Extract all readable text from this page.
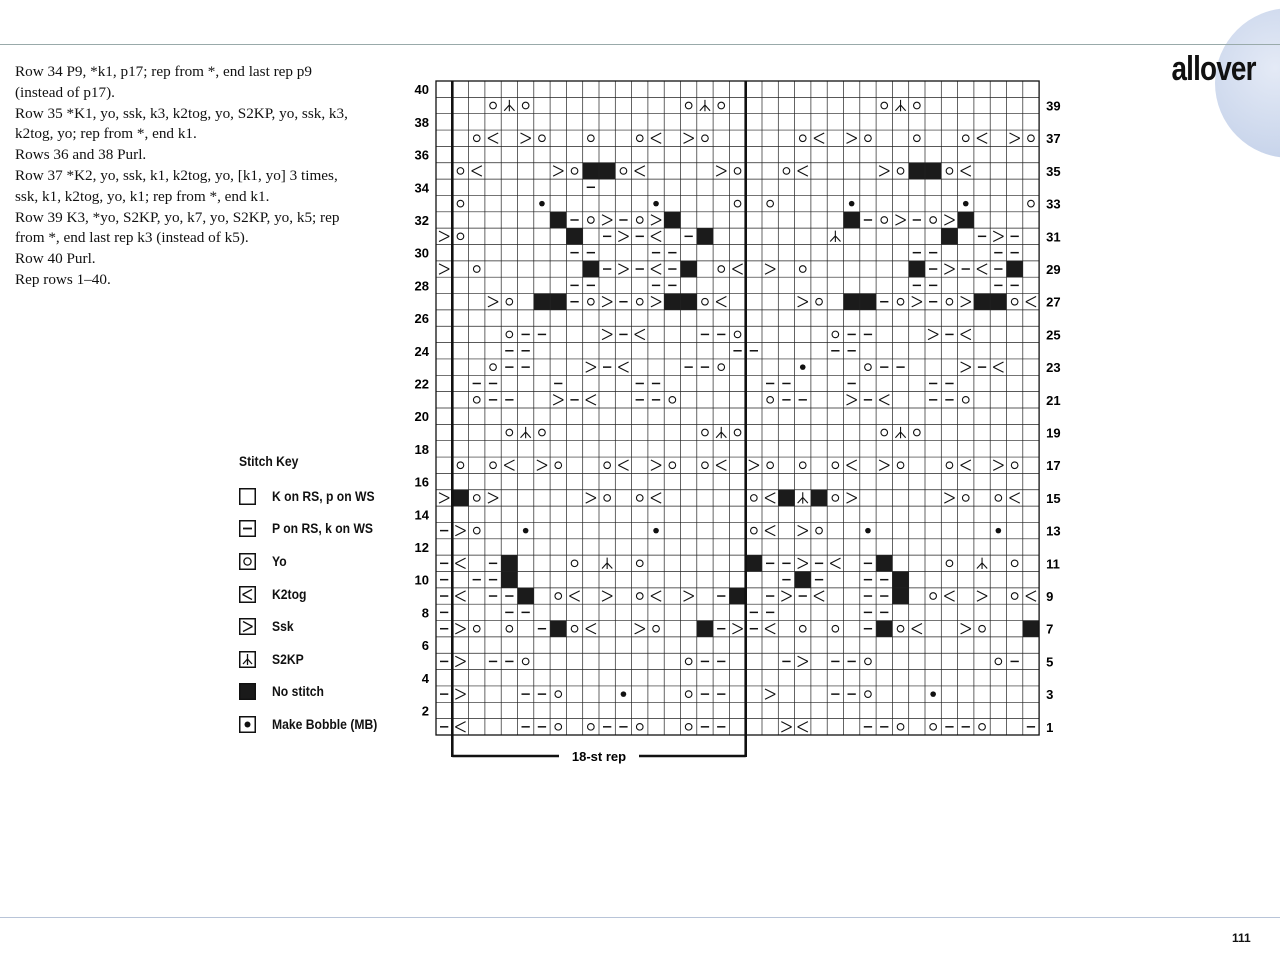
allover
Row 34 P9, *k1, p17; rep from *, end last rep p9
(instead of p17).
Row 35 *K1, yo, ssk, k3, k2tog, yo, S2KP, yo, ssk, k3,
k2tog, yo; rep from *, end k1.
Rows 36 and 38 Purl.
Row 37 *K2, yo, ssk, k1, k2tog, yo, [k1, yo] 3 times,
ssk, k1, k2tog, yo, k1; rep from *, end k1.
Row 39 K3, *yo, S2KP, yo, k7, yo, S2KP, yo, k5; rep
from *, end last rep k3 (instead of k5).
Row 40 Purl.
Rep rows 1–40.
Stitch Key
K on RS, p on WS
P on RS, k on WS
Yo
K2tog
Ssk
S2KP
No stitch
Make Bobble (MB)
18-st rep
2
4
6
8
10
12
14
16
18
20
22
24
26
28
30
32
34
36
38
40
1
3
5
7
9
11
13
15
17
19
21
23
25
27
29
31
33
35
37
39
111
